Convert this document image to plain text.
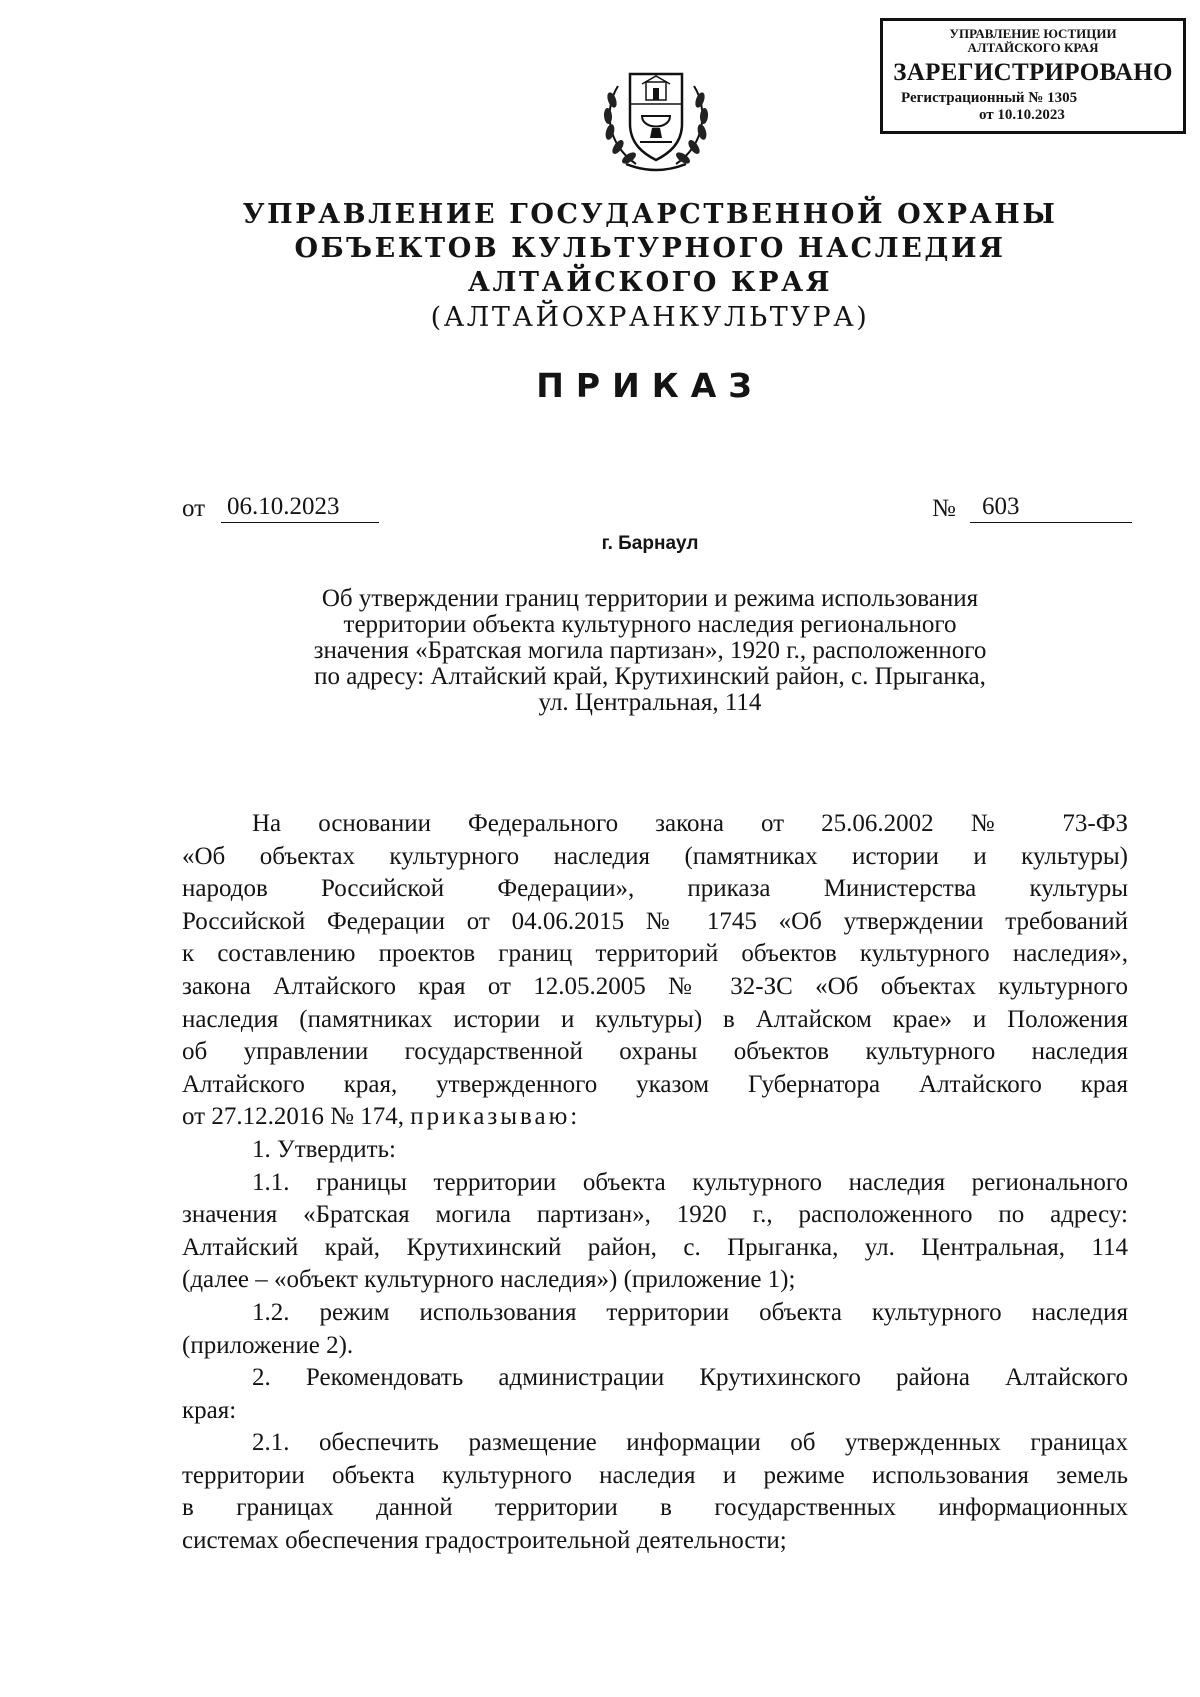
УПРАВЛЕНИЕ ЮСТИЦИИ
АЛТАЙСКОГО КРАЯ
ЗАРЕГИСТРИРОВАНО
Регистрационный № 1305
от 10.10.2023
УПРАВЛЕНИЕ ГОСУДАРСТВЕННОЙ ОХРАНЫ
ОБЪЕКТОВ КУЛЬТУРНОГО НАСЛЕДИЯ
АЛТАЙСКОГО КРАЯ
(АЛТАЙОХРАНКУЛЬТУРА)
ПРИКАЗ
от 06.10.2023	№	603
г. Барнаул
Об утверждении границ территории и режима использования
территории объекта культурного наследия регионального
значения «Братская могила партизан», 1920 г., расположенного
по адресу: Алтайский край, Крутихинский район, с. Прыганка,
ул. Центральная, 114
На основании Федерального закона от 25.06.2002 № 73-ФЗ
«Об объектах культурного наследия (памятниках истории и культуры)
народов Российской Федерации», приказа Министерства культуры
Российской Федерации от 04.06.2015 № 1745 «Об утверждении требований
к составлению проектов границ территорий объектов культурного наследия»,
закона Алтайского края от 12.05.2005 № 32-ЗС «Об объектах культурного
наследия (памятниках истории и культуры) в Алтайском крае» и Положения
об управлении государственной охраны объектов культурного наследия
Алтайского края, утвержденного указом Губернатора Алтайского края
от 27.12.2016 № 174, приказываю:
1. Утвердить:
1.1. границы территории объекта культурного наследия регионального
значения «Братская могила партизан», 1920 г., расположенного по адресу:
Алтайский край, Крутихинский район, с. Прыганка, ул. Центральная, 114
(далее – «объект культурного наследия») (приложение 1);
1.2. режим использования территории объекта культурного наследия
(приложение 2).
2. Рекомендовать администрации Крутихинского района Алтайского
края:
2.1. обеспечить размещение информации об утвержденных границах
территории объекта культурного наследия и режиме использования земель
в границах данной территории в государственных информационных
системах обеспечения градостроительной деятельности;
